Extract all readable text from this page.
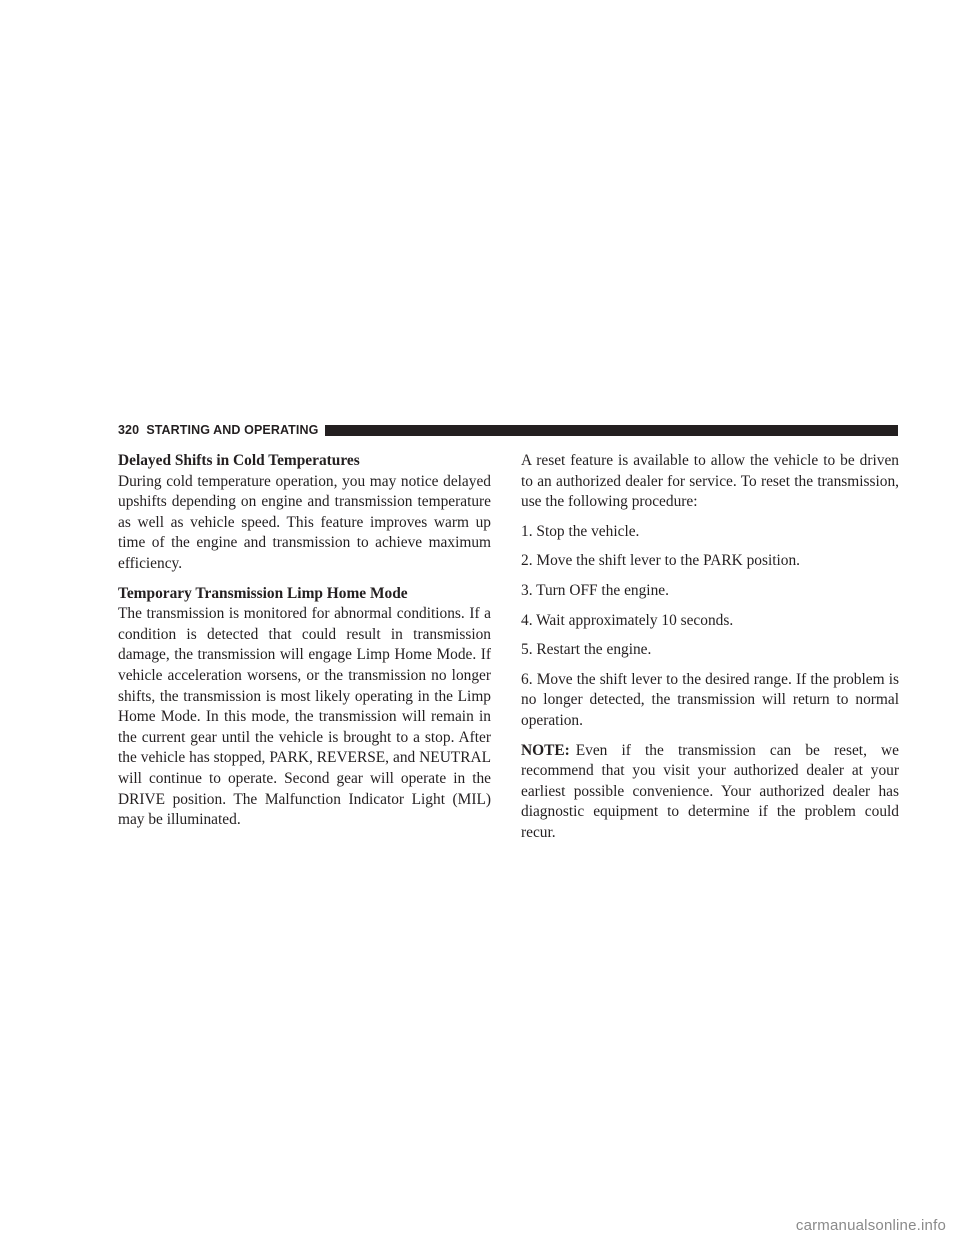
320 STARTING AND OPERATING
Delayed Shifts in Cold Temperatures

During cold temperature operation, you may notice delayed upshifts depending on engine and transmission temperature as well as vehicle speed. This feature improves warm up time of the engine and transmission to achieve maximum efficiency.

Temporary Transmission Limp Home Mode

The transmission is monitored for abnormal conditions. If a condition is detected that could result in transmission damage, the transmission will engage Limp Home Mode. If vehicle acceleration worsens, or the transmission no longer shifts, the transmission is most likely operating in the Limp Home Mode. In this mode, the transmission will remain in the current gear until the vehicle is brought to a stop. After the vehicle has stopped, PARK, REVERSE, and NEUTRAL will continue to operate. Second gear will operate in the DRIVE position. The Malfunction Indicator Light (MIL) may be illuminated.

A reset feature is available to allow the vehicle to be driven to an authorized dealer for service. To reset the transmission, use the following procedure:

1. Stop the vehicle.

2. Move the shift lever to the PARK position.

3. Turn OFF the engine.

4. Wait approximately 10 seconds.

5. Restart the engine.

6. Move the shift lever to the desired range. If the problem is no longer detected, the transmission will return to normal operation.

NOTE: Even if the transmission can be reset, we recommend that you visit your authorized dealer at your earliest possible convenience. Your authorized dealer has diagnostic equipment to determine if the problem could recur.

carmanualsonline.info
